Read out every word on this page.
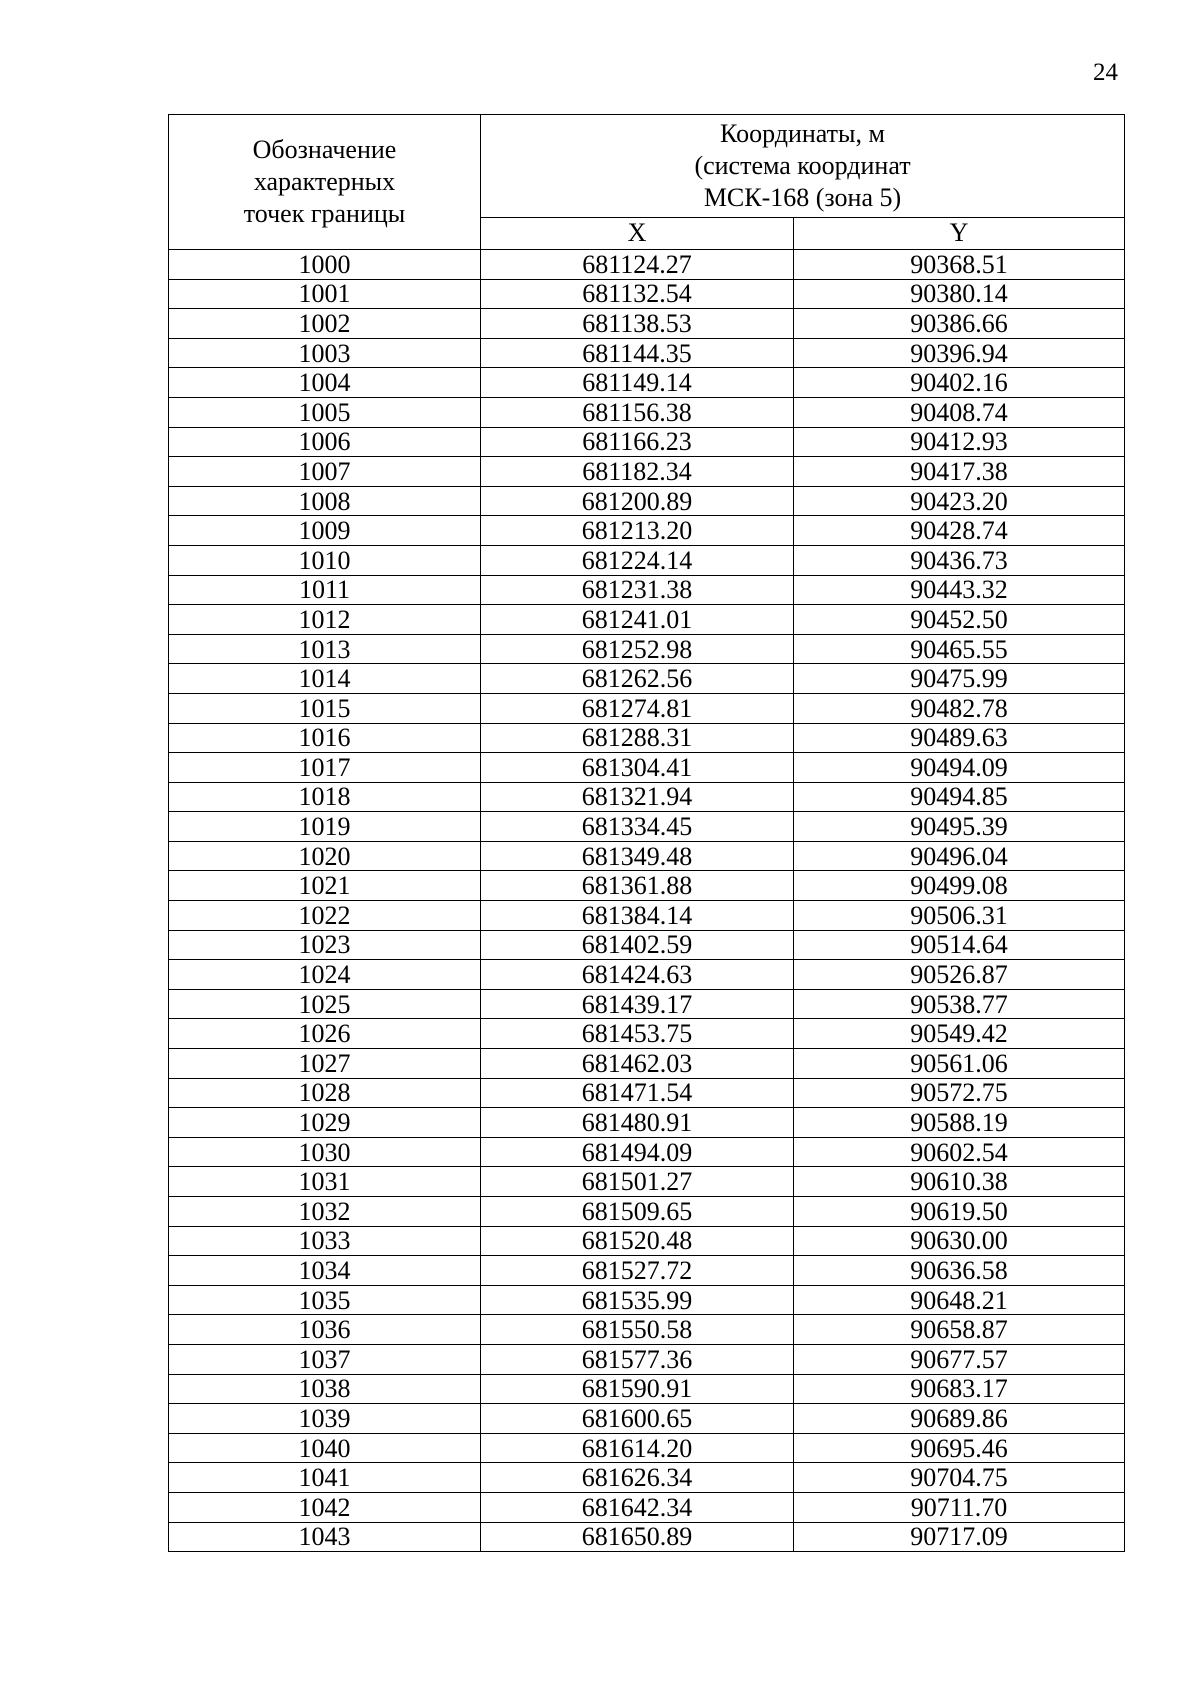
24
Обозначение
характерных
точек границы	Координаты, м
(система координат
МСК-168 (зона 5)	
	X	Y
1000	681124.27	90368.51
1001	681132.54	90380.14
1002	681138.53	90386.66
1003	681144.35	90396.94
1004	681149.14	90402.16
1005	681156.38	90408.74
1006	681166.23	90412.93
1007	681182.34	90417.38
1008	681200.89	90423.20
1009	681213.20	90428.74
1010	681224.14	90436.73
1011	681231.38	90443.32
1012	681241.01	90452.50
1013	681252.98	90465.55
1014	681262.56	90475.99
1015	681274.81	90482.78
1016	681288.31	90489.63
1017	681304.41	90494.09
1018	681321.94	90494.85
1019	681334.45	90495.39
1020	681349.48	90496.04
1021	681361.88	90499.08
1022	681384.14	90506.31
1023	681402.59	90514.64
1024	681424.63	90526.87
1025	681439.17	90538.77
1026	681453.75	90549.42
1027	681462.03	90561.06
1028	681471.54	90572.75
1029	681480.91	90588.19
1030	681494.09	90602.54
1031	681501.27	90610.38
1032	681509.65	90619.50
1033	681520.48	90630.00
1034	681527.72	90636.58
1035	681535.99	90648.21
1036	681550.58	90658.87
1037	681577.36	90677.57
1038	681590.91	90683.17
1039	681600.65	90689.86
1040	681614.20	90695.46
1041	681626.34	90704.75
1042	681642.34	90711.70
1043	681650.89	90717.09
